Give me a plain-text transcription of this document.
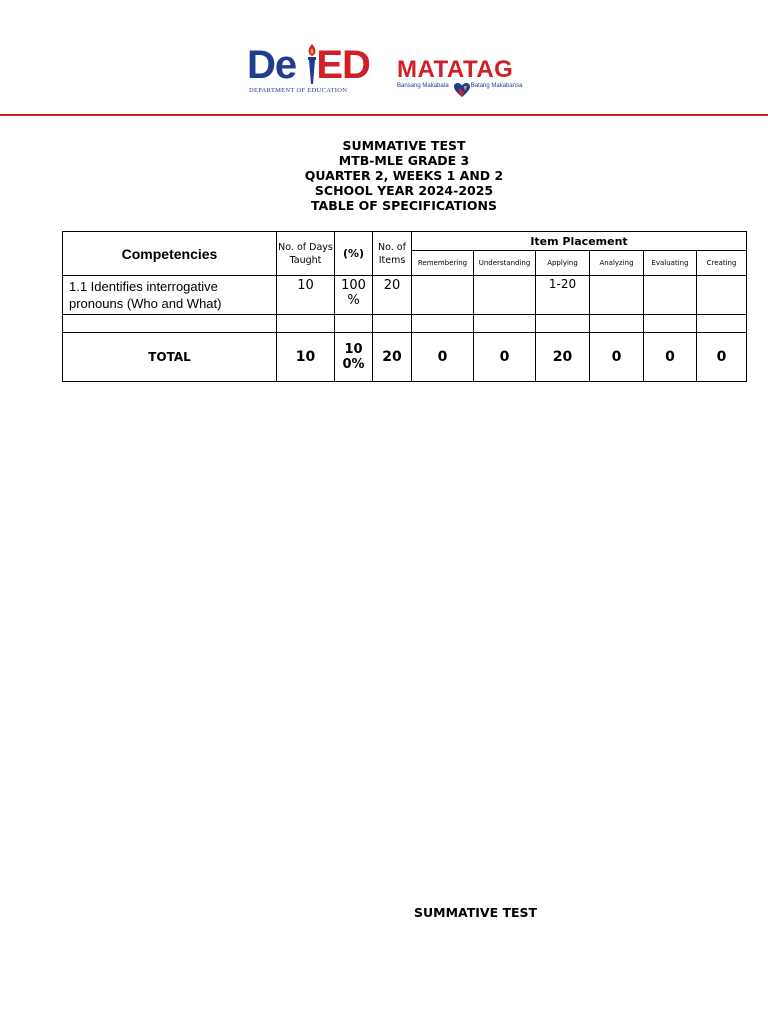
De ED
DEPARTMENT OF EDUCATION
MATATAG
Bansang Makabata	Batang Makabansa
SUMMATIVE TEST
MTB-MLE GRADE 3
QUARTER 2, WEEKS 1 AND 2
SCHOOL YEAR 2024-2025
TABLE OF SPECIFICATIONS
Competencies	No. of Days Taught	(%)	No. of Items	Item Placement					
				Remembering	Understanding	Applying	Analyzing	Evaluating	Creating
1.1 Identifies interrogative pronouns (Who and What)	10	100 %	20			1-20			

TOTAL	10	10 0%	20	0	0	20	0	0	0
SUMMATIVE TEST
